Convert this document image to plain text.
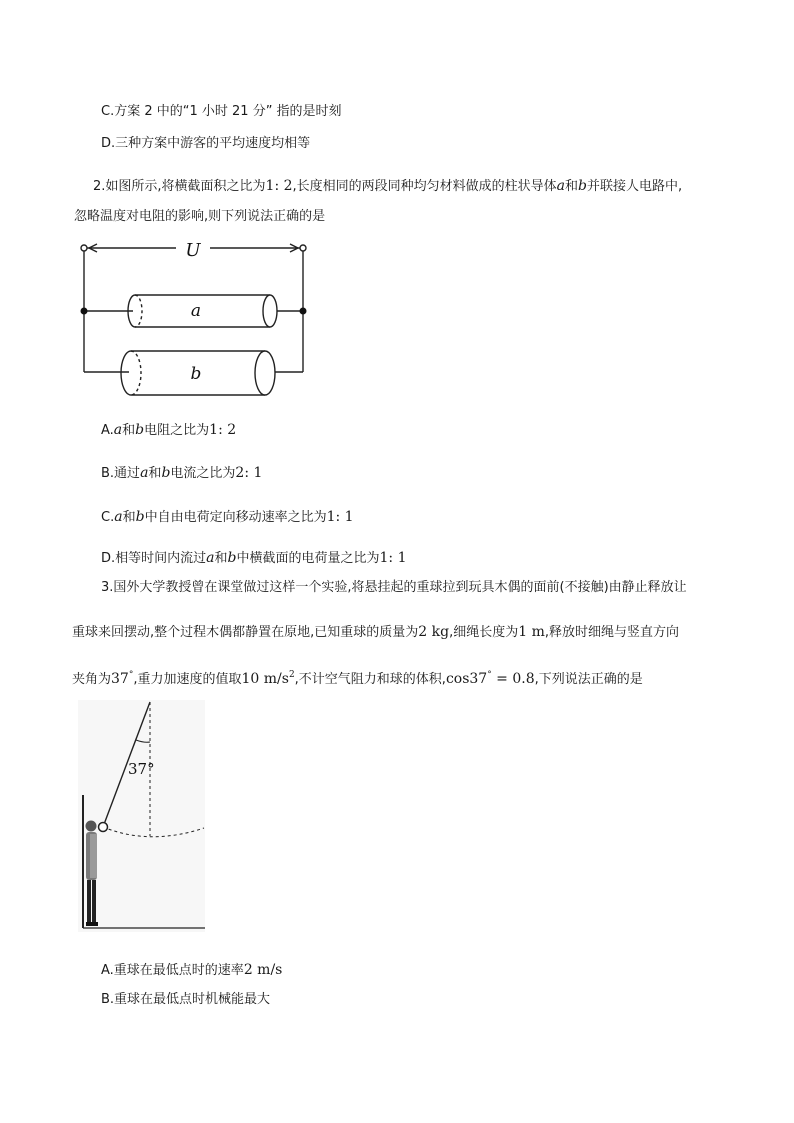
C.方案 2 中的“1 小时 21 分” 指的是时刻
D.三种方案中游客的平均速度均相等
2.如图所示,将横截面积之比为1: 2,长度相同的两段同种均匀材料做成的柱状导体a和b并联接人电路中,
忽略温度对电阻的影响,则下列说法正确的是
U
a
b
A.a和b电阻之比为1: 2
B.通过a和b电流之比为2: 1
C.a和b中自由电荷定向移动速率之比为1: 1
D.相等时间内流过a和b中横截面的电荷量之比为1: 1
3.国外大学教授曾在课堂做过这样一个实验,将悬挂起的重球拉到玩具木偶的面前(不接触)由静止释放让
重球来回摆动,整个过程木偶都静置在原地,已知重球的质量为2 kg,细绳长度为1 m,释放时细绳与竖直方向
夹角为37°,重力加速度的值取10 $m/s^2$,不计空气阻力和球的体积,cos37° = 0.8,下列说法正确的是
37°
A.重球在最低点时的速率2 m/s
B.重球在最低点时机械能最大
